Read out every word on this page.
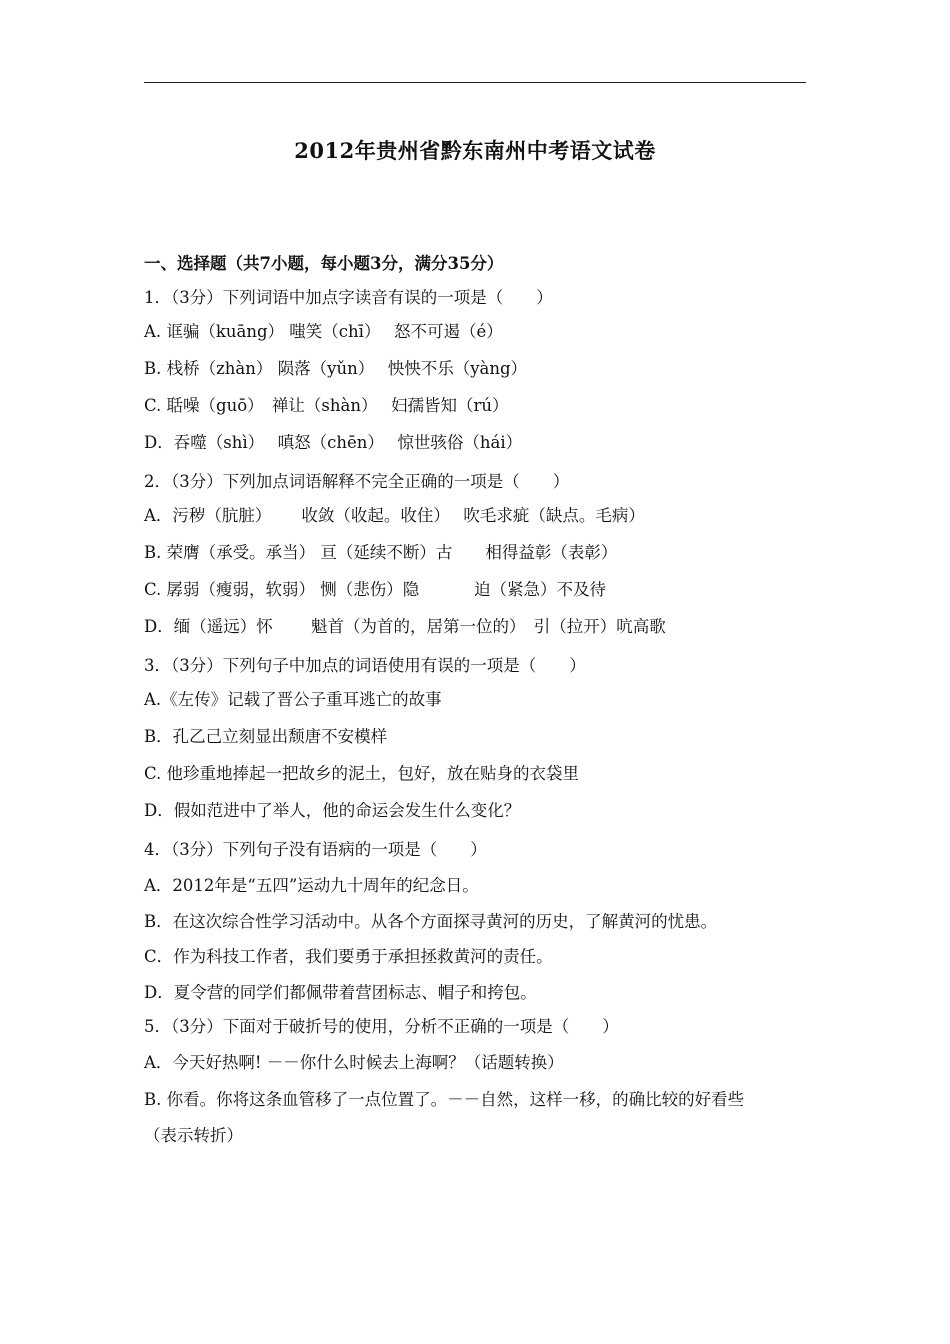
2012年贵州省黔东南州中考语文试卷
一、选择题（共7小题，每小题3分，满分35分）
1．（3分）下列词语中加点字读音有误的一项是（　　）
A. 诓骗（kuāng） 嗤笑（chī）　 怒不可遏（é）
B. 栈桥（zhàn） 陨落（yǔn）　 怏怏不乐（yàng）
C. 聒噪（guō）　禅让（shàn）　 妇孺皆知（rú）
D．吞噬（shì）　 嗔怒（chēn）　 惊世骇俗（hái）
2．（3分）下列加点词语解释不完全正确的一项是（　　）
A．污秽（肮脏）　　 收敛（收起。收住）　 吹毛求疵（缺点。毛病）
B. 荣膺（承受。承当） 亘（延续不断）古　　相得益彰（表彰）
C. 孱弱（瘦弱，软弱） 恻（悲伤）隐　　　 迫（紧急）不及待
D．缅（遥远）怀　　 魁首（为首的，居第一位的）　引（拉开）吭高歌
3．（3分）下列句子中加点的词语使用有误的一项是（　　）
A.《左传》记载了晋公子重耳逃亡的故事
B．孔乙己立刻显出颓唐不安模样
C. 他珍重地捧起一把故乡的泥土，包好，放在贴身的衣袋里
D．假如范进中了举人，他的命运会发生什么变化？
4．（3分）下列句子没有语病的一项是（　　）
A．2012年是“五四”运动九十周年的纪念日。
B．在这次综合性学习活动中。从各个方面探寻黄河的历史，了解黄河的忧患。
C．作为科技工作者，我们要勇于承担拯救黄河的责任。
D．夏令营的同学们都佩带着营团标志、帽子和挎包。
5．（3分）下面对于破折号的使用，分析不正确的一项是（　　）
A．今天好热啊! －－你什么时候去上海啊？（话题转换）
B. 你看。你将这条血管移了一点位置了。－－自然，这样一移，的确比较的好看些
（表示转折）
